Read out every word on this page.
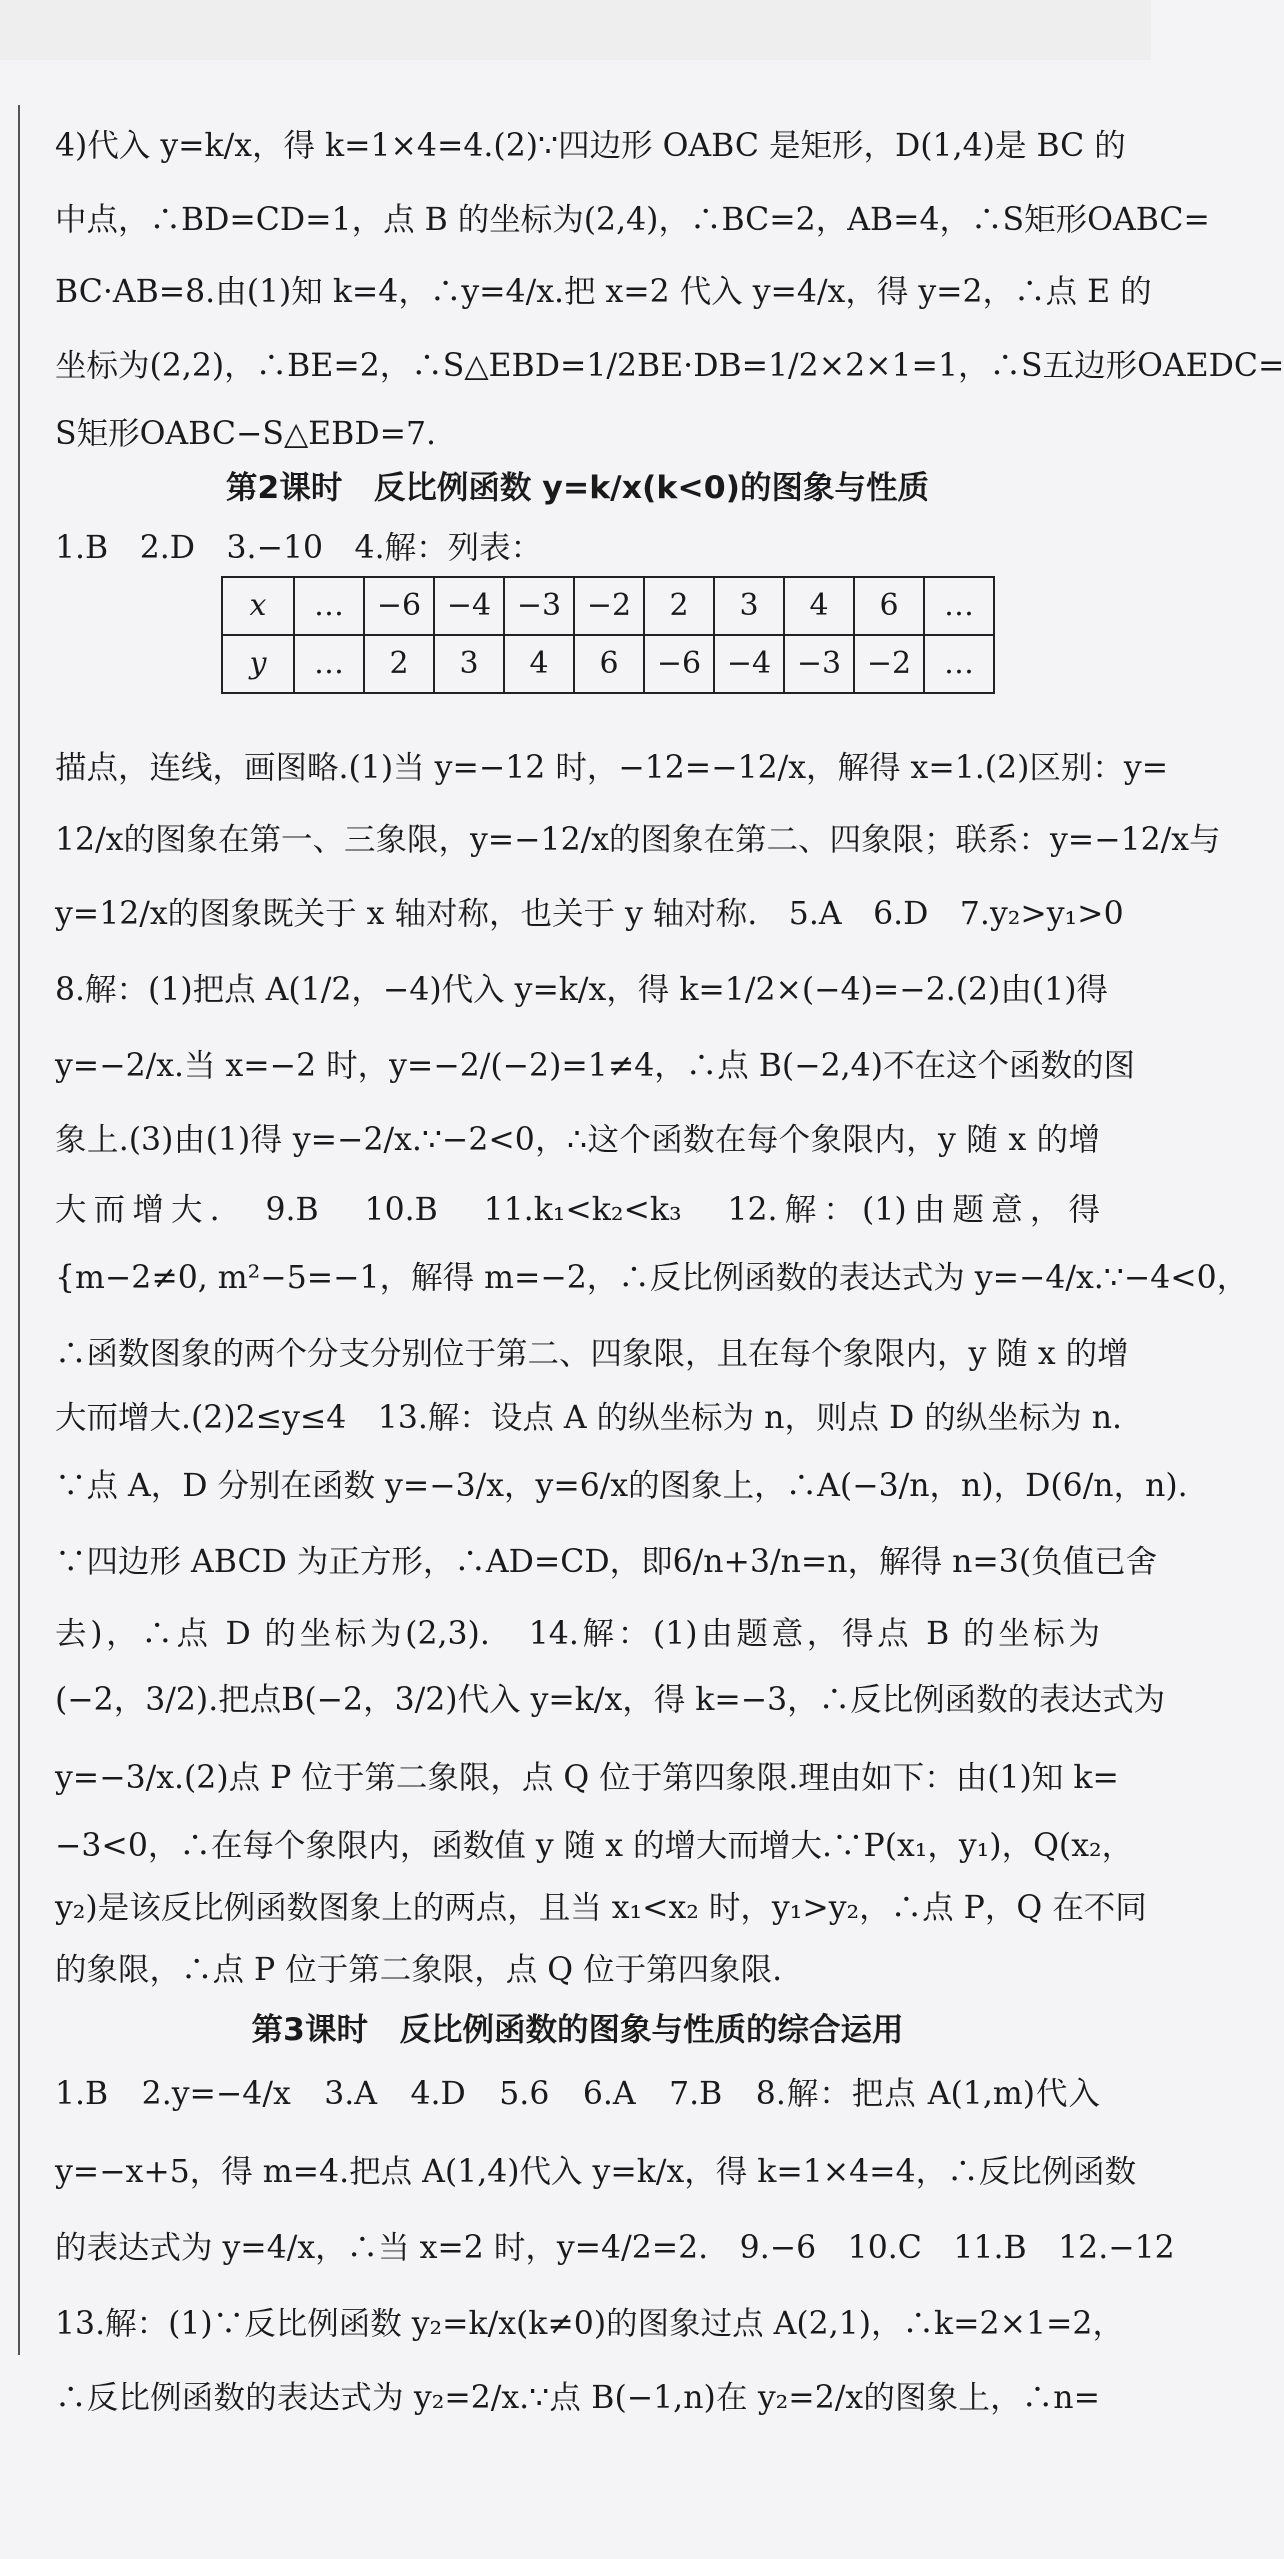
4)代入 y=k/x，得 k=1×4=4.(2)∵四边形 OABC 是矩形，D(1,4)是 BC 的
中点，∴BD=CD=1，点 B 的坐标为(2,4)，∴BC=2，AB=4，∴S矩形OABC=
BC·AB=8.由(1)知 k=4，∴y=4/x.把 x=2 代入 y=4/x，得 y=2，∴点 E 的
坐标为(2,2)，∴BE=2，∴S△EBD=1/2BE·DB=1/2×2×1=1，∴S五边形OAEDC=
S矩形OABC−S△EBD=7.
第2课时　反比例函数 y=k/x(k<0)的图象与性质
1.B　2.D　3.−10　4.解：列表：
x	…	−6	−4	−3	−2	2	3	4	6	…
y	…	2	3	4	6	−6	−4	−3	−2	…
描点，连线，画图略.(1)当 y=−12 时，−12=−12/x，解得 x=1.(2)区别：y=
12/x的图象在第一、三象限，y=−12/x的图象在第二、四象限；联系：y=−12/x与
y=12/x的图象既关于 x 轴对称，也关于 y 轴对称.　5.A　6.D　7.y₂>y₁>0
8.解：(1)把点 A(1/2，−4)代入 y=k/x，得 k=1/2×(−4)=−2.(2)由(1)得
y=−2/x.当 x=−2 时，y=−2/(−2)=1≠4，∴点 B(−2,4)不在这个函数的图
象上.(3)由(1)得 y=−2/x.∵−2<0，∴这个函数在每个象限内，y 随 x 的增
大而增大.　9.B　10.B　11.k₁<k₂<k₃　12.解：(1)由题意，得
{m−2≠0, m²−5=−1，解得 m=−2，∴反比例函数的表达式为 y=−4/x.∵−4<0，
∴函数图象的两个分支分别位于第二、四象限，且在每个象限内，y 随 x 的增
大而增大.(2)2≤y≤4　13.解：设点 A 的纵坐标为 n，则点 D 的纵坐标为 n.
∵点 A，D 分别在函数 y=−3/x，y=6/x的图象上，∴A(−3/n，n)，D(6/n，n).
∵四边形 ABCD 为正方形，∴AD=CD，即6/n+3/n=n，解得 n=3(负值已舍
去)，∴点 D 的坐标为(2,3).　14.解：(1)由题意，得点 B 的坐标为
(−2，3/2).把点B(−2，3/2)代入 y=k/x，得 k=−3，∴反比例函数的表达式为
y=−3/x.(2)点 P 位于第二象限，点 Q 位于第四象限.理由如下：由(1)知 k=
−3<0，∴在每个象限内，函数值 y 随 x 的增大而增大.∵P(x₁，y₁)，Q(x₂，
y₂)是该反比例函数图象上的两点，且当 x₁<x₂ 时，y₁>y₂，∴点 P，Q 在不同
的象限，∴点 P 位于第二象限，点 Q 位于第四象限.
第3课时　反比例函数的图象与性质的综合运用
1.B　2.y=−4/x　3.A　4.D　5.6　6.A　7.B　8.解：把点 A(1,m)代入
y=−x+5，得 m=4.把点 A(1,4)代入 y=k/x，得 k=1×4=4，∴反比例函数
的表达式为 y=4/x，∴当 x=2 时，y=4/2=2.　9.−6　10.C　11.B　12.−12
13.解：(1)∵反比例函数 y₂=k/x(k≠0)的图象过点 A(2,1)，∴k=2×1=2，
∴反比例函数的表达式为 y₂=2/x.∵点 B(−1,n)在 y₂=2/x的图象上，∴n=
